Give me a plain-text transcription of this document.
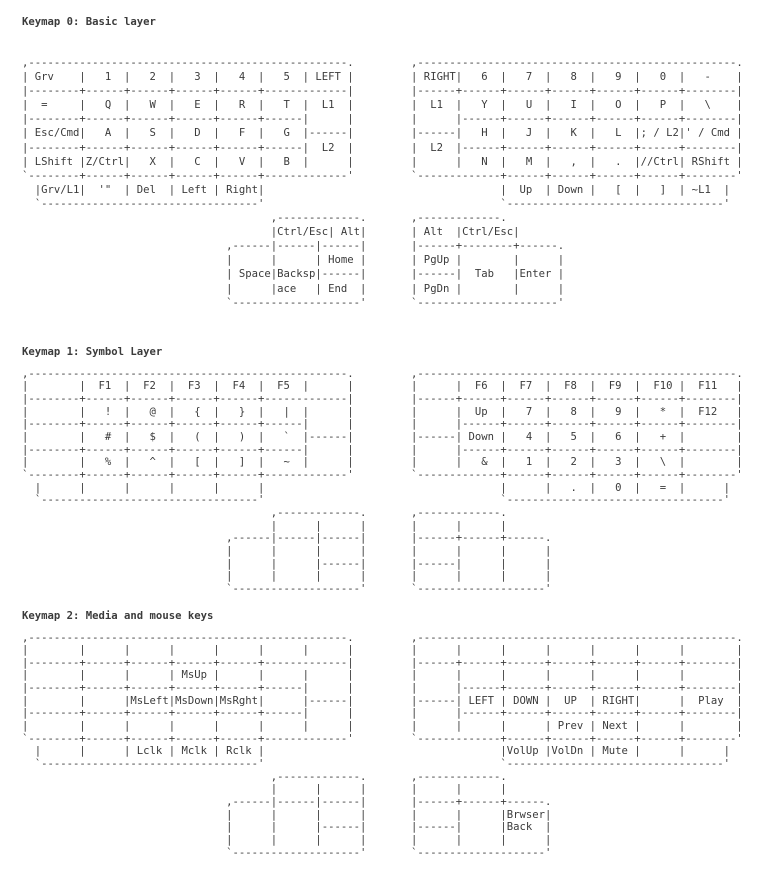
Keymap 0: Basic layer
,--------------------------------------------------.         ,--------------------------------------------------.
| Grv    |   1  |   2  |   3  |   4  |   5  | LEFT |         | RIGHT|   6  |   7  |   8  |   9  |   0  |   -    |
|--------+------+------+------+------+-------------|         |------+------+------+------+------+------+--------|
|  =     |   Q  |   W  |   E  |   R  |   T  |  L1  |         |  L1  |   Y  |   U  |   I  |   O  |   P  |   \    |
|--------+------+------+------+------+------|      |         |      |------+------+------+------+------+--------|
| Esc/Cmd|   A  |   S  |   D  |   F  |   G  |------|         |------|   H  |   J  |   K  |   L  |; / L2|' / Cmd |
|--------+------+------+------+------+------|  L2  |         |  L2  |------+------+------+------+------+--------|
| LShift |Z/Ctrl|   X  |   C  |   V  |   B  |      |         |      |   N  |   M  |   ,  |   .  |//Ctrl| RShift |
`--------+------+------+------+------+-------------'         `-------------+------+------+------+------+--------'
|Grv/L1|  '"  | Del  | Left | Right|                                     |  Up  | Down |   [  |   ]  | ~L1  |
`----------------------------------'                                     `----------------------------------'
,-------------.       ,-------------.
|Ctrl/Esc| Alt|       | Alt  |Ctrl/Esc|
,------|------|------|       |------+--------+------.
|      |      | Home |       | PgUp |        |      |
| Space|Backsp|------|       |------|  Tab   |Enter |
|      |ace   | End  |       | PgDn |        |      |
`--------------------'       `----------------------'
Keymap 1: Symbol Layer
,--------------------------------------------------.         ,--------------------------------------------------.
|        |  F1  |  F2  |  F3  |  F4  |  F5  |      |         |      |  F6  |  F7  |  F8  |  F9  |  F10 |  F11   |
|--------+------+------+------+------+-------------|         |------+------+------+------+------+------+--------|
|        |   !  |   @  |   {  |   }  |   |  |      |         |      |  Up  |   7  |   8  |   9  |   *  |  F12   |
|--------+------+------+------+------+------|      |         |      |------+------+------+------+------+--------|
|        |   #  |   $  |   (  |   )  |   `  |------|         |------| Down |   4  |   5  |   6  |   +  |        |
|--------+------+------+------+------+------|      |         |      |------+------+------+------+------+--------|
|        |   %  |   ^  |   [  |   ]  |   ~  |      |         |      |   &  |   1  |   2  |   3  |   \  |        |
`--------+------+------+------+------+-------------'         `-------------+------+------+------+------+--------'
|      |      |      |      |      |                                     |      |   .  |   0  |   =  |      |
`----------------------------------'                                     `----------------------------------'
,-------------.       ,-------------.
|      |      |       |      |      |
,------|------|------|       |------+------+------.
|      |      |      |       |      |      |      |
|      |      |------|       |------|      |      |
|      |      |      |       |      |      |      |
`--------------------'       `--------------------'
Keymap 2: Media and mouse keys
,--------------------------------------------------.         ,--------------------------------------------------.
|        |      |      |      |      |      |      |         |      |      |      |      |      |      |        |
|--------+------+------+------+------+-------------|         |------+------+------+------+------+------+--------|
|        |      |      | MsUp |      |      |      |         |      |      |      |      |      |      |        |
|--------+------+------+------+------+------|      |         |      |------+------+------+------+------+--------|
|        |      |MsLeft|MsDown|MsRght|      |------|         |------| LEFT | DOWN |  UP  | RIGHT|      |  Play  |
|--------+------+------+------+------+------|      |         |      |------+------+------+------+------+--------|
|        |      |      |      |      |      |      |         |      |      |      | Prev | Next |      |        |
`--------+------+------+------+------+-------------'         `-------------+------+------+------+------+--------'
|      |      | Lclk | Mclk | Rclk |                                     |VolUp |VolDn | Mute |      |      |
`----------------------------------'                                     `----------------------------------'
,-------------.       ,-------------.
|      |      |       |      |      |
,------|------|------|       |------+------+------.
|      |      |      |       |      |      |Brwser|
|      |      |------|       |------|      |Back  |
|      |      |      |       |      |      |      |
`--------------------'       `--------------------'
